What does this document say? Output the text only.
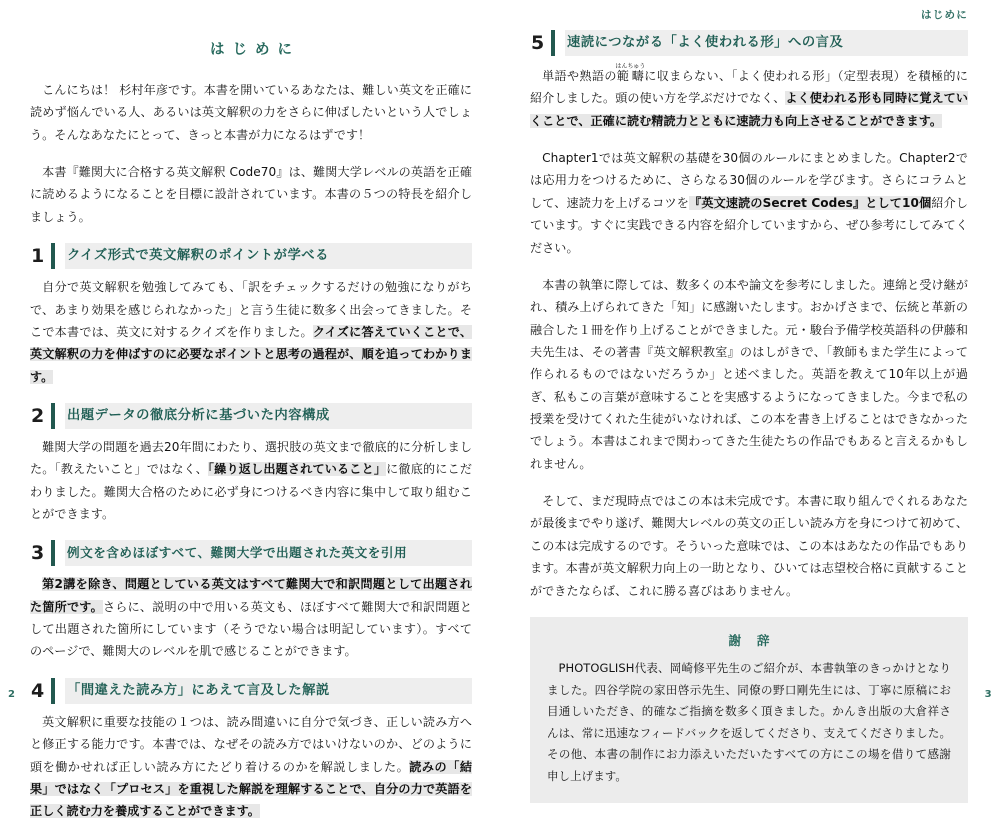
はじめに

こんにちは！ 杉村年彦です。本書を開いているあなたは、難しい英文を正確に読めず悩んでいる人、あるいは英文解釈の力をさらに伸ばしたいという人でしょう。そんなあなたにとって、きっと本書が力になるはずです！

本書『難関大に合格する英文解釈 Code70』は、難関大学レベルの英語を正確に読めるようになることを目標に設計されています。本書の５つの特長を紹介しましょう。

1	クイズ形式で英文解釈のポイントが学べる

自分で英文解釈を勉強してみても、「訳をチェックするだけの勉強になりがちで、あまり効果を感じられなかった」と言う生徒に数多く出会ってきました。そこで本書では、英文に対するクイズを作りました。クイズに答えていくことで、英文解釈の力を伸ばすのに必要なポイントと思考の過程が、順を追ってわかります。

2	出題データの徹底分析に基づいた内容構成

難関大学の問題を過去20年間にわたり、選択肢の英文まで徹底的に分析しました。「教えたいこと」ではなく、「繰り返し出題されていること」に徹底的にこだわりました。難関大合格のために必ず身につけるべき内容に集中して取り組むことができます。

3	例文を含めほぼすべて、難関大学で出題された英文を引用

第2講を除き、問題としている英文はすべて難関大で和訳問題として出題された箇所です。さらに、説明の中で用いる英文も、ほぼすべて難関大で和訳問題として出題された箇所にしています（そうでない場合は明記しています）。すべてのページで、難関大のレベルを肌で感じることができます。

4	「間違えた読み方」にあえて言及した解説

英文解釈に重要な技能の１つは、読み間違いに自分で気づき、正しい読み方へと修正する能力です。本書では、なぜその読み方ではいけないのか、どのように頭を働かせれば正しい読み方にたどり着けるのかを解説しました。読みの「結果」ではなく「プロセス」を重視した解説を理解することで、自分の力で英語を正しく読む力を養成することができます。

2
はじめに
5	速読につながる「よく使われる形」への言及

単語や熟語の範疇はんちゅうに収まらない、「よく使われる形」（定型表現）を積極的に紹介しました。頭の使い方を学ぶだけでなく、よく使われる形も同時に覚えていくことで、正確に読む精読力とともに速読力も向上させることができます。

Chapter1では英文解釈の基礎を30個のルールにまとめました。Chapter2では応用力をつけるために、さらなる30個のルールを学びます。さらにコラムとして、速読力を上げるコツを『英文速読のSecret Codes』として10個紹介しています。すぐに実践できる内容を紹介していますから、ぜひ参考にしてみてください。

本書の執筆に際しては、数多くの本や論文を参考にしました。連綿と受け継がれ、積み上げられてきた「知」に感謝いたします。おかげさまで、伝統と革新の融合した１冊を作り上げることができました。元・駿台予備学校英語科の伊藤和夫先生は、その著書『英文解釈教室』のはしがきで、「教師もまた学生によって作られるものではないだろうか」と述べました。英語を教えて10年以上が過ぎ、私もこの言葉が意味することを実感するようになってきました。今まで私の授業を受けてくれた生徒がいなければ、この本を書き上げることはできなかったでしょう。本書はこれまで関わってきた生徒たちの作品でもあると言えるかもしれません。

そして、まだ現時点ではこの本は未完成です。本書に取り組んでくれるあなたが最後までやり遂げ、難関大レベルの英文の正しい読み方を身につけて初めて、この本は完成するのです。そういった意味では、この本はあなたの作品でもあります。本書が英文解釈力向上の一助となり、ひいては志望校合格に貢献することができたならば、これに勝る喜びはありません。

謝 辞

PHOTOGLISH代表、岡崎修平先生のご紹介が、本書執筆のきっかけとなりました。四谷学院の家田啓示先生、同僚の野口剛先生には、丁寧に原稿にお目通しいただき、的確なご指摘を数多く頂きました。かんき出版の大倉祥さんは、常に迅速なフィードバックを返してくださり、支えてくださりました。その他、本書の制作にお力添えいただいたすべての方にこの場を借りて感謝申し上げます。

3
